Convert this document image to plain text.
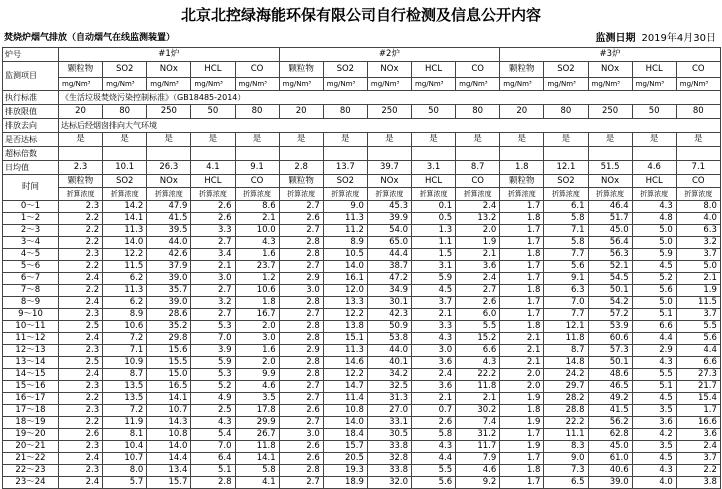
北京北控绿海能环保有限公司自行检测及信息公开内容
焚烧炉烟气排放（自动烟气在线监测装置）	监测日期 2019年4月30日
炉号	#1炉					#2炉					#3炉				
监测项目	颗粒物	SO2	NOx	HCL	CO	颗粒物	SO2	NOx	HCL	CO	颗粒物	SO2	NOx	HCL	CO
	mg/Nm³	mg/Nm³	mg/Nm³	mg/Nm³	mg/Nm³	mg/Nm³	mg/Nm³	mg/Nm³	mg/Nm³	mg/Nm³	mg/Nm³	mg/Nm³	mg/Nm³	mg/Nm³	mg/Nm³
执行标准	《生活垃圾焚烧污染控制标准》（GB18485-2014）														
排放限值	20	80	250	50	80	20	80	250	50	80	20	80	250	50	80
排放去向	达标后经烟囱排向大气环境														
是否达标	是	是	是	是	是	是	是	是	是	是	是	是	是	是	是
超标倍数															
日均值	2.3	10.1	26.3	4.1	9.1	2.8	13.7	39.7	3.1	8.7	1.8	12.1	51.5	4.6	7.1
时间	颗粒物	SO2	NOx	HCL	CO	颗粒物	SO2	NOx	HCL	CO	颗粒物	SO2	NOx	HCL	CO
	折算浓度	折算浓度	折算浓度	折算浓度	折算浓度	折算浓度	折算浓度	折算浓度	折算浓度	折算浓度	折算浓度	折算浓度	折算浓度	折算浓度	折算浓度
0～1	2.3	14.2	47.9	2.6	8.6	2.7	9.0	45.3	0.1	2.4	1.7	6.1	46.4	4.3	8.0
1～2	2.2	14.1	41.5	2.6	2.1	2.6	11.3	39.9	0.5	13.2	1.8	5.8	51.7	4.8	4.0
2～3	2.2	11.3	39.5	3.3	10.0	2.7	11.2	54.0	1.3	2.0	1.7	7.1	45.0	5.0	6.3
3～4	2.2	14.0	44.0	2.7	4.3	2.8	8.9	65.0	1.1	1.9	1.7	5.8	56.4	5.0	3.2
4～5	2.3	12.2	42.6	3.4	1.6	2.8	10.5	44.4	1.5	2.1	1.8	7.7	56.3	5.9	3.7
5～6	2.2	11.5	37.9	2.1	23.7	2.7	14.0	38.7	3.1	3.6	1.7	5.6	52.1	4.5	5.0
6～7	2.4	6.2	39.0	3.0	1.2	2.9	16.1	47.2	5.9	2.4	1.7	9.1	54.5	5.2	2.1
7～8	2.2	11.3	35.7	2.7	10.6	3.0	12.0	34.9	4.5	2.7	1.8	6.3	50.1	5.6	1.9
8～9	2.4	6.2	39.0	3.2	1.8	2.8	13.3	30.1	3.7	2.6	1.7	7.0	54.2	5.0	11.5
9～10	2.3	8.9	28.6	2.7	16.7	2.7	12.2	42.3	2.1	6.0	1.7	7.7	57.2	5.1	3.7
10～11	2.5	10.6	35.2	5.3	2.0	2.8	13.8	50.9	3.3	5.5	1.8	12.1	53.9	6.6	5.5
11～12	2.4	7.2	29.8	7.0	3.0	2.8	15.1	53.8	4.3	15.2	2.1	11.8	60.6	4.4	5.6
12～13	2.3	7.1	15.6	3.9	1.6	2.9	11.3	44.0	3.0	6.6	2.1	8.7	57.3	2.9	4.4
13～14	2.5	10.9	15.5	5.9	2.0	2.8	14.6	40.1	3.6	4.3	2.1	14.8	50.1	4.3	6.6
14～15	2.4	8.7	15.0	5.3	9.9	2.8	12.2	34.2	2.4	22.2	2.0	24.2	48.6	5.5	27.3
15～16	2.3	13.5	16.5	5.2	4.6	2.7	14.7	32.5	3.6	11.8	2.0	29.7	46.5	5.1	21.7
16～17	2.2	13.5	14.1	4.9	3.5	2.7	11.4	31.3	2.1	2.1	1.9	28.2	49.2	4.5	15.4
17～18	2.3	7.2	10.7	2.5	17.8	2.6	10.8	27.0	0.7	30.2	1.8	28.8	41.5	3.5	1.7
18～19	2.2	11.9	14.3	4.3	29.9	2.7	14.0	33.1	2.6	7.4	1.9	22.2	56.2	3.6	16.6
19～20	2.6	8.1	10.8	5.4	26.7	3.0	18.4	30.5	5.8	31.2	1.7	11.1	62.8	4.2	3.6
20～21	2.3	10.4	14.0	7.0	11.8	2.6	15.7	33.8	4.3	11.7	1.9	8.3	45.0	3.5	2.4
21～22	2.4	10.7	14.4	6.4	14.1	2.6	20.5	32.8	4.4	7.9	1.7	9.0	61.0	4.5	3.7
22～23	2.3	8.0	13.4	5.1	5.8	2.8	19.3	33.8	5.5	4.6	1.8	7.3	40.6	4.3	2.2
23～24	2.4	5.7	15.7	2.8	4.1	2.7	18.9	32.0	5.6	9.2	1.7	6.5	39.0	4.0	3.8
